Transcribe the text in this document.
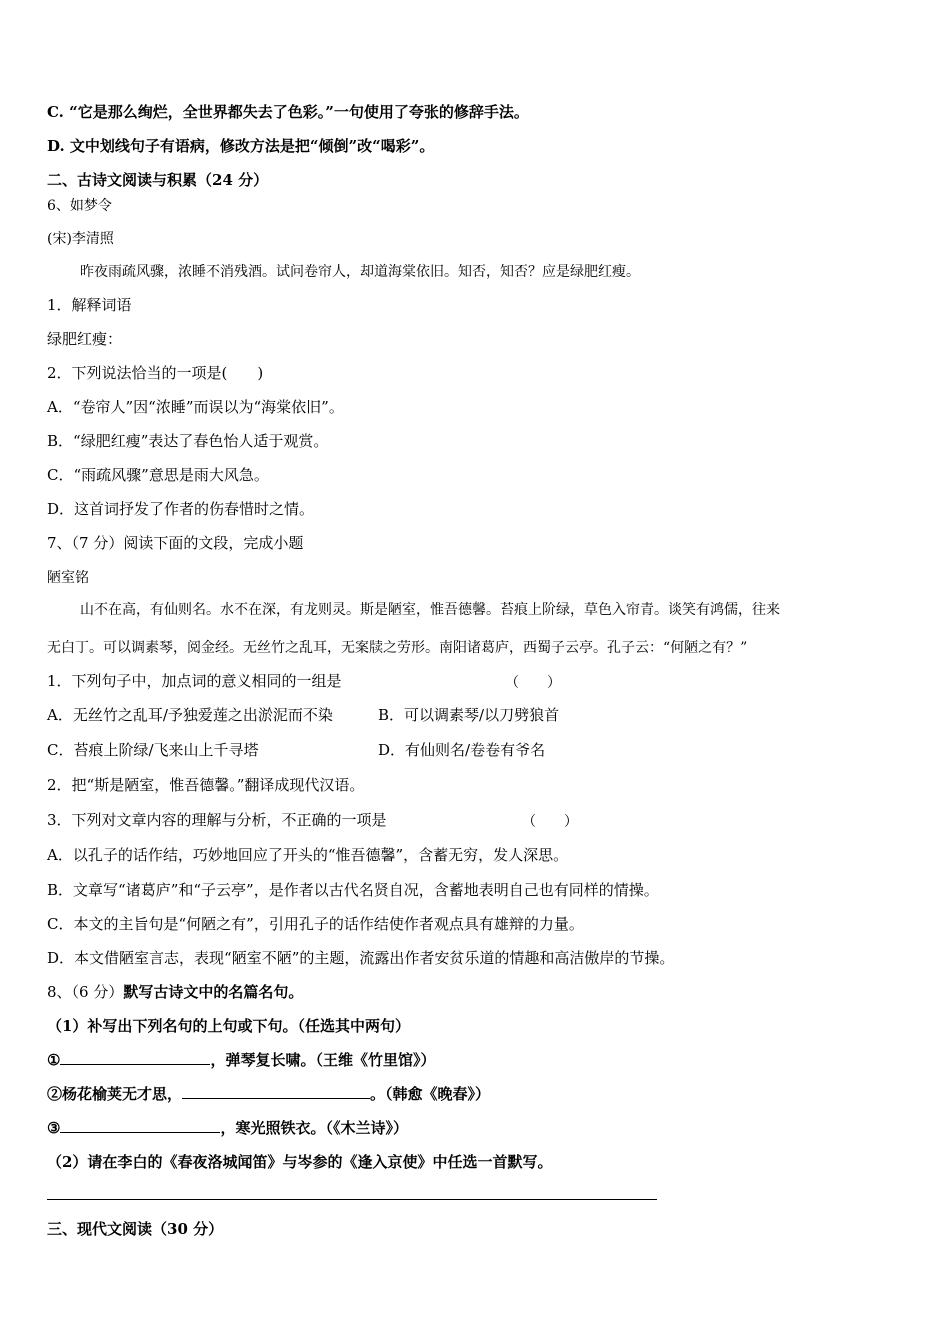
C. “它是那么绚烂，全世界都失去了色彩。”一句使用了夸张的修辞手法。
D. 文中划线句子有语病，修改方法是把“倾倒”改“喝彩”。
二、古诗文阅读与积累（24 分）
6、如梦令
(宋)李清照
昨夜雨疏风骤，浓睡不消残酒。试问卷帘人，却道海棠依旧。知否，知否？应是绿肥红瘦。
1．解释词语
绿肥红瘦：
2．下列说法恰当的一项是(　　)
A．“卷帘人”因“浓睡”而误以为“海棠依旧”。
B．“绿肥红瘦”表达了春色怡人适于观赏。
C．“雨疏风骤”意思是雨大风急。
D．这首词抒发了作者的伤春惜时之情。
7、（7 分）阅读下面的文段，完成小题
陋室铭
山不在高，有仙则名。水不在深，有龙则灵。斯是陋室，惟吾德馨。苔痕上阶绿，草色入帘青。谈笑有鸿儒，往来
无白丁。可以调素琴，阅金经。无丝竹之乱耳，无案牍之劳形。南阳诸葛庐，西蜀子云亭。孔子云：“何陋之有？”
1．下列句子中，加点词的意义相同的一组是	（　　）
A．无丝竹之乱耳/予独爱莲之出淤泥而不染	B．可以调素琴/以刀劈狼首
C．苔痕上阶绿/飞来山上千寻塔	D．有仙则名/卷卷有爷名
2．把“斯是陋室，惟吾德馨。”翻译成现代汉语。
3．下列对文章内容的理解与分析，不正确的一项是	（　　）
A．以孔子的话作结，巧妙地回应了开头的“惟吾德馨”，含蓄无穷，发人深思。
B．文章写“诸葛庐”和“子云亭”，是作者以古代名贤自况，含蓄地表明自己也有同样的情操。
C．本文的主旨句是“何陋之有”，引用孔子的话作结使作者观点具有雄辩的力量。
D．本文借陋室言志，表现“陋室不陋”的主题，流露出作者安贫乐道的情趣和高洁傲岸的节操。
8、（6 分）默写古诗文中的名篇名句。
（1）补写出下列名句的上句或下句。（任选其中两句）
①	，弹琴复长啸。（王维《竹里馆》）
②杨花榆荚无才思，	。（韩愈《晚春》）
③	，寒光照铁衣。（《木兰诗》）
（2）请在李白的《春夜洛城闻笛》与岑参的《逢入京使》中任选一首默写。
三、现代文阅读（30 分）
